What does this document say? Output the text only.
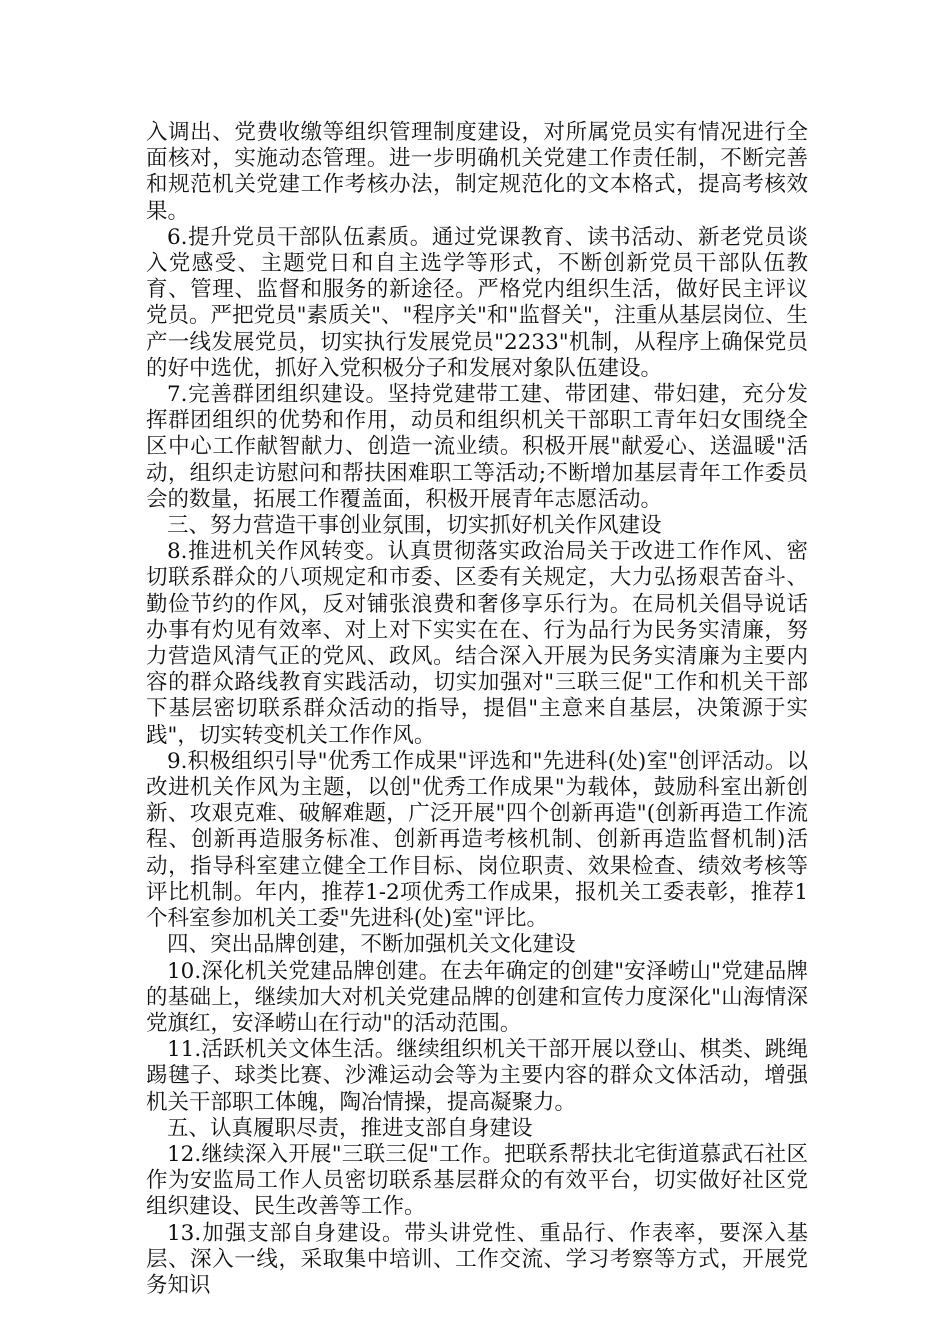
入调出、党费收缴等组织管理制度建设，对所属党员实有情况进行全面核对，实施动态管理。进一步明确机关党建工作责任制，不断完善和规范机关党建工作考核办法，制定规范化的文本格式，提高考核效果。

6.提升党员干部队伍素质。通过党课教育、读书活动、新老党员谈入党感受、主题党日和自主选学等形式，不断创新党员干部队伍教育、管理、监督和服务的新途径。严格党内组织生活，做好民主评议党员。严把党员"素质关"、"程序关"和"监督关"，注重从基层岗位、生产一线发展党员，切实执行发展党员"2233"机制，从程序上确保党员的好中选优，抓好入党积极分子和发展对象队伍建设。

7.完善群团组织建设。坚持党建带工建、带团建、带妇建，充分发挥群团组织的优势和作用，动员和组织机关干部职工青年妇女围绕全区中心工作献智献力、创造一流业绩。积极开展"献爱心、送温暖"活动，组织走访慰问和帮扶困难职工等活动;不断增加基层青年工作委员会的数量，拓展工作覆盖面，积极开展青年志愿活动。

三、努力营造干事创业氛围，切实抓好机关作风建设

8.推进机关作风转变。认真贯彻落实政治局关于改进工作作风、密切联系群众的八项规定和市委、区委有关规定，大力弘扬艰苦奋斗、勤俭节约的作风，反对铺张浪费和奢侈享乐行为。在局机关倡导说话办事有灼见有效率、对上对下实实在在、行为品行为民务实清廉，努力营造风清气正的党风、政风。结合深入开展为民务实清廉为主要内容的群众路线教育实践活动，切实加强对"三联三促"工作和机关干部下基层密切联系群众活动的指导，提倡"主意来自基层，决策源于实践"，切实转变机关工作作风。

9.积极组织引导"优秀工作成果"评选和"先进科(处)室"创评活动。以改进机关作风为主题，以创"优秀工作成果"为载体，鼓励科室出新创新、攻艰克难、破解难题，广泛开展"四个创新再造"(创新再造工作流程、创新再造服务标准、创新再造考核机制、创新再造监督机制)活动，指导科室建立健全工作目标、岗位职责、效果检查、绩效考核等评比机制。年内，推荐1-2项优秀工作成果，报机关工委表彰，推荐1个科室参加机关工委"先进科(处)室"评比。

四、突出品牌创建，不断加强机关文化建设

10.深化机关党建品牌创建。在去年确定的创建"安泽崂山"党建品牌的基础上，继续加大对机关党建品牌的创建和宣传力度深化"山海情深党旗红，安泽崂山在行动"的活动范围。

11.活跃机关文体生活。继续组织机关干部开展以登山、棋类、跳绳踢毽子、球类比赛、沙滩运动会等为主要内容的群众文体活动，增强机关干部职工体魄，陶冶情操，提高凝聚力。

五、认真履职尽责，推进支部自身建设

12.继续深入开展"三联三促"工作。把联系帮扶北宅街道慕武石社区作为安监局工作人员密切联系基层群众的有效平台，切实做好社区党组织建设、民生改善等工作。

13.加强支部自身建设。带头讲党性、重品行、作表率，要深入基层、深入一线，采取集中培训、工作交流、学习考察等方式，开展党务知识
